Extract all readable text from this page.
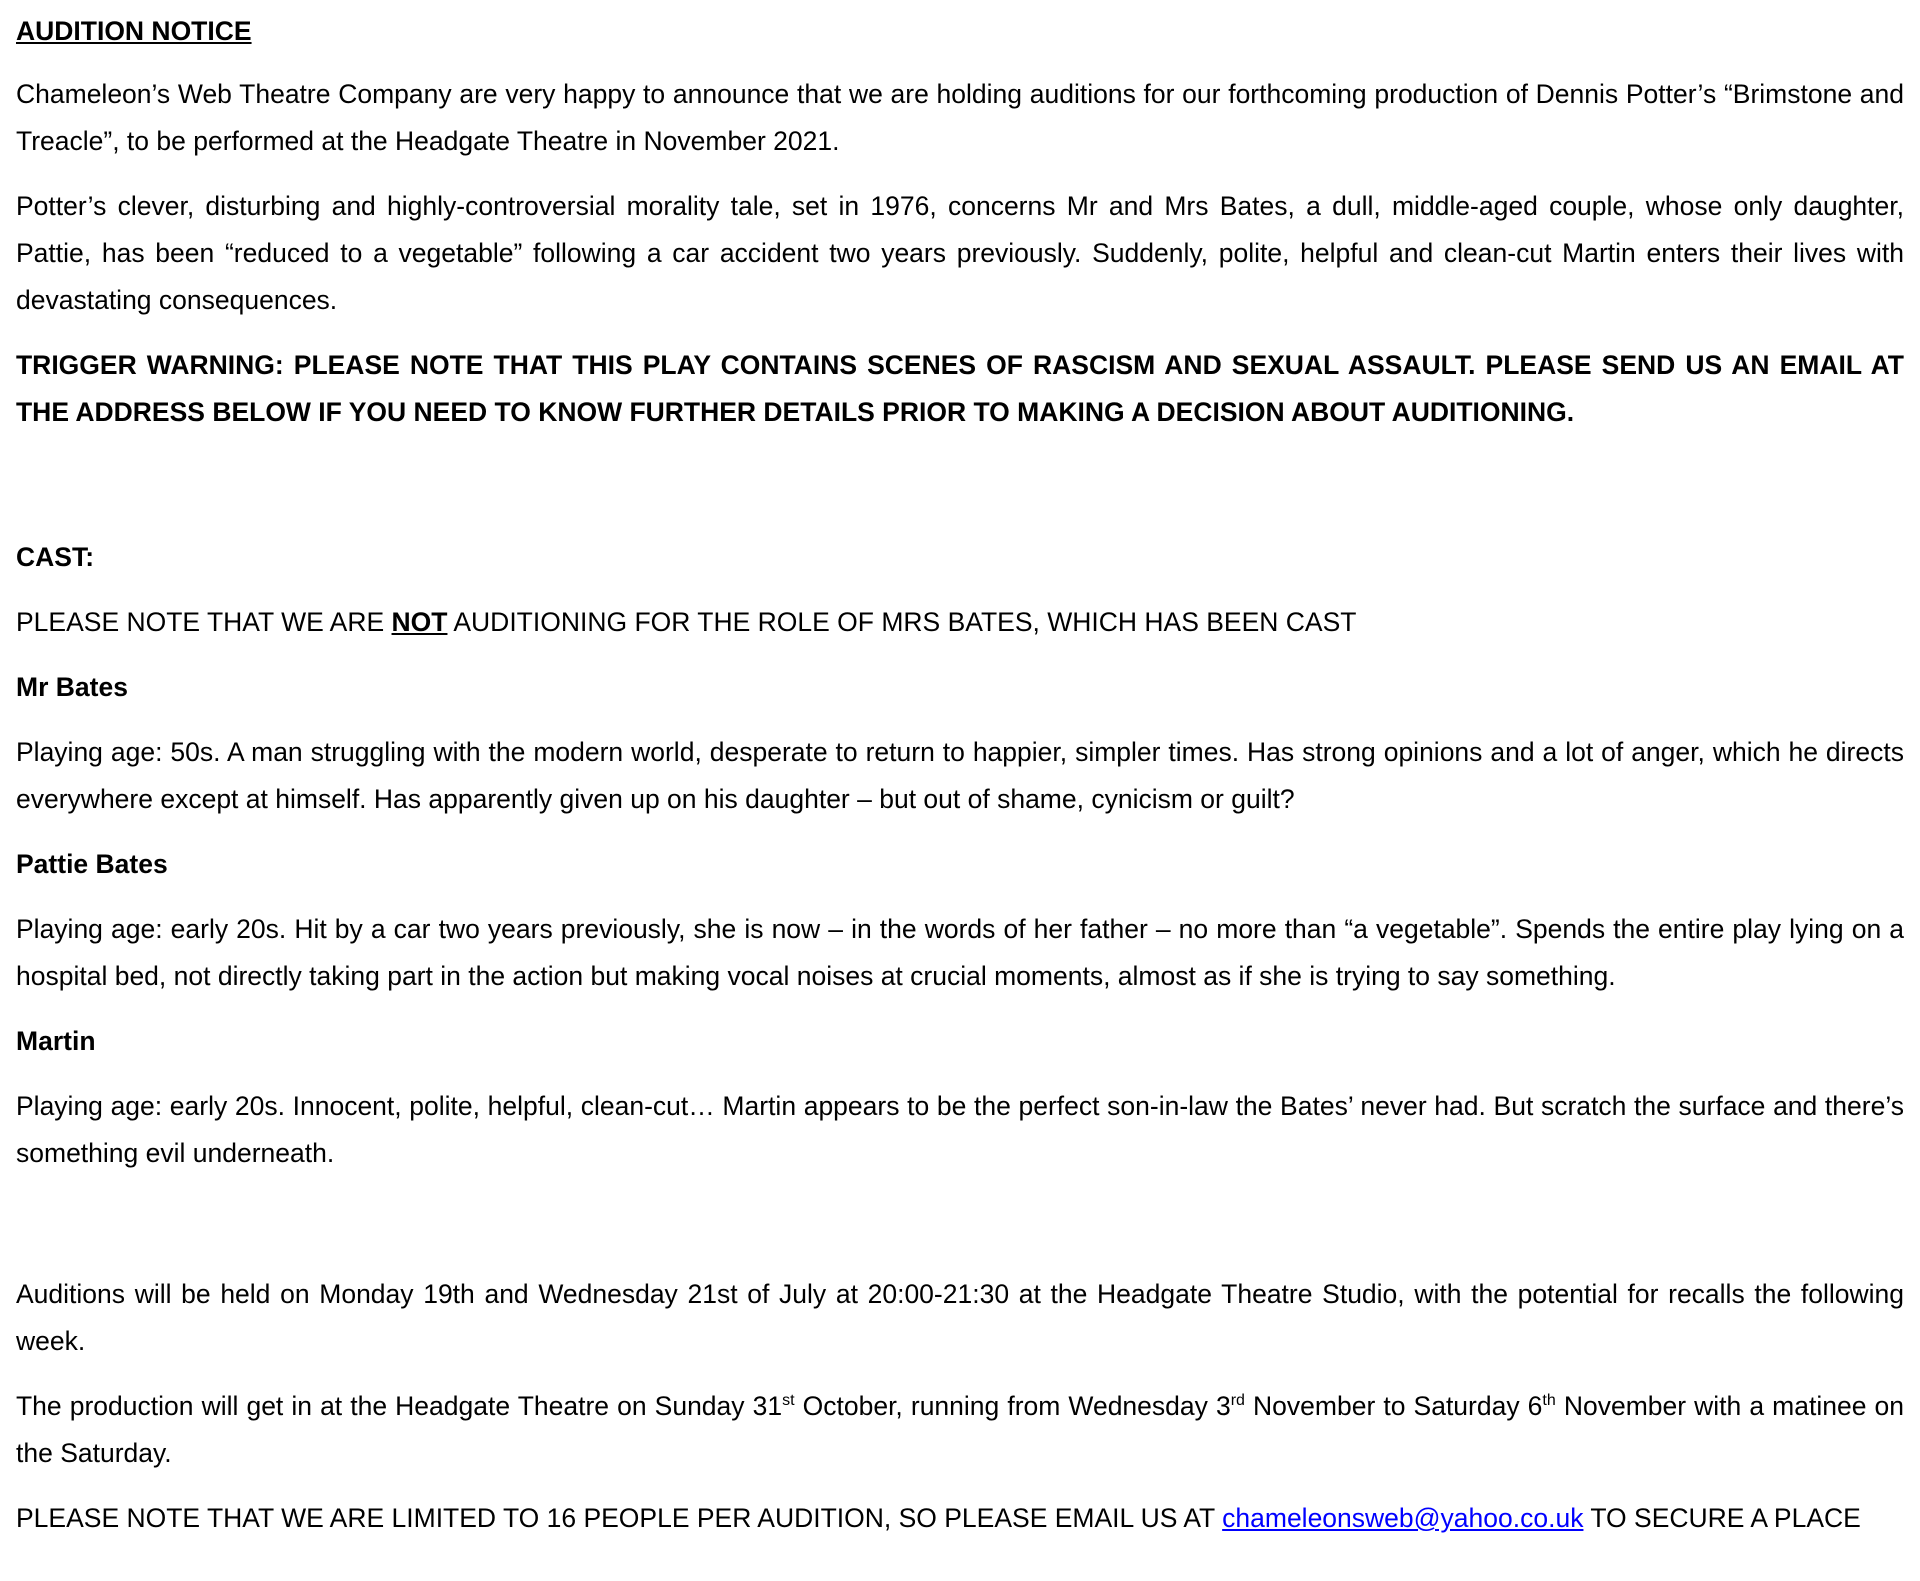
AUDITION NOTICE

Chameleon’s Web Theatre Company are very happy to announce that we are holding auditions for our forthcoming production of Dennis Potter’s “Brimstone and Treacle”, to be performed at the Headgate Theatre in November 2021.

Potter’s clever, disturbing and highly-controversial morality tale, set in 1976, concerns Mr and Mrs Bates, a dull, middle-aged couple, whose only daughter, Pattie, has been “reduced to a vegetable” following a car accident two years previously. Suddenly, polite, helpful and clean-cut Martin enters their lives with devastating consequences.

TRIGGER WARNING: PLEASE NOTE THAT THIS PLAY CONTAINS SCENES OF RASCISM AND SEXUAL ASSAULT. PLEASE SEND US AN EMAIL AT THE ADDRESS BELOW IF YOU NEED TO KNOW FURTHER DETAILS PRIOR TO MAKING A DECISION ABOUT AUDITIONING.

CAST:

PLEASE NOTE THAT WE ARE NOT AUDITIONING FOR THE ROLE OF MRS BATES, WHICH HAS BEEN CAST

Mr Bates

Playing age: 50s. A man struggling with the modern world, desperate to return to happier, simpler times. Has strong opinions and a lot of anger, which he directs everywhere except at himself. Has apparently given up on his daughter – but out of shame, cynicism or guilt?

Pattie Bates

Playing age: early 20s. Hit by a car two years previously, she is now – in the words of her father – no more than “a vegetable”. Spends the entire play lying on a hospital bed, not directly taking part in the action but making vocal noises at crucial moments, almost as if she is trying to say something.

Martin

Playing age: early 20s. Innocent, polite, helpful, clean-cut… Martin appears to be the perfect son-in-law the Bates’ never had. But scratch the surface and there’s something evil underneath.

Auditions will be held on Monday 19th and Wednesday 21st of July at 20:00-21:30 at the Headgate Theatre Studio, with the potential for recalls the following week.

The production will get in at the Headgate Theatre on Sunday 31st October, running from Wednesday 3rd November to Saturday 6th November with a matinee on the Saturday.

PLEASE NOTE THAT WE ARE LIMITED TO 16 PEOPLE PER AUDITION, SO PLEASE EMAIL US AT chameleonsweb@yahoo.co.uk TO SECURE A PLACE
